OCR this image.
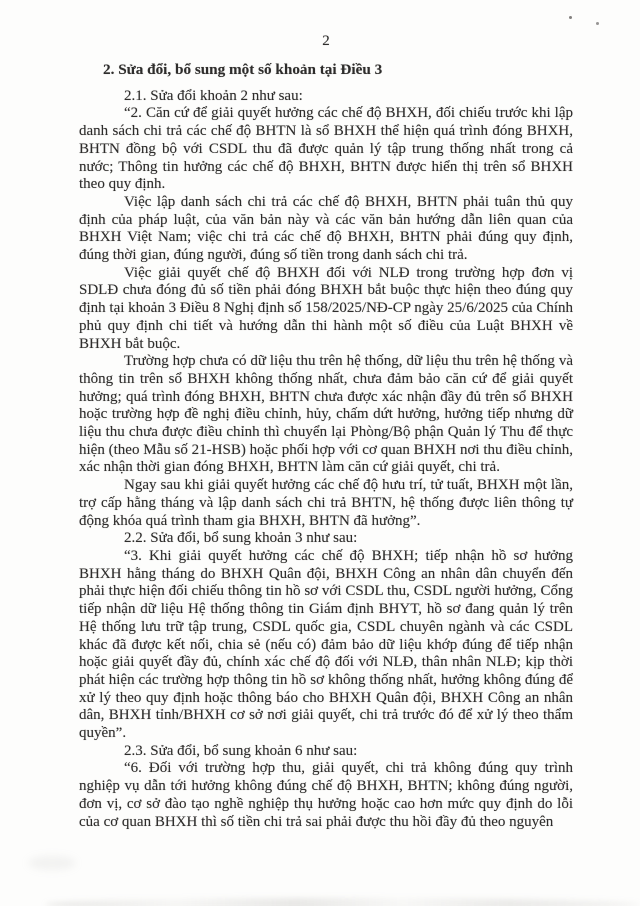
2

2. Sửa đổi, bổ sung một số khoản tại Điều 3

2.1. Sửa đổi khoản 2 như sau:

“2. Căn cứ để giải quyết hưởng các chế độ BHXH, đối chiếu trước khi lập danh sách chi trả các chế độ BHTN là sổ BHXH thể hiện quá trình đóng BHXH, BHTN đồng bộ với CSDL thu đã được quản lý tập trung thống nhất trong cả nước; Thông tin hưởng các chế độ BHXH, BHTN được hiển thị trên sổ BHXH theo quy định.

Việc lập danh sách chi trả các chế độ BHXH, BHTN phải tuân thủ quy định của pháp luật, của văn bản này và các văn bản hướng dẫn liên quan của BHXH Việt Nam; việc chi trả các chế độ BHXH, BHTN phải đúng quy định, đúng thời gian, đúng người, đúng số tiền trong danh sách chi trả.

Việc giải quyết chế độ BHXH đối với NLĐ trong trường hợp đơn vị SDLĐ chưa đóng đủ số tiền phải đóng BHXH bắt buộc thực hiện theo đúng quy định tại khoản 3 Điều 8 Nghị định số 158/2025/NĐ-CP ngày 25/6/2025 của Chính phủ quy định chi tiết và hướng dẫn thi hành một số điều của Luật BHXH về BHXH bắt buộc.

Trường hợp chưa có dữ liệu thu trên hệ thống, dữ liệu thu trên hệ thống và thông tin trên sổ BHXH không thống nhất, chưa đảm bảo căn cứ để giải quyết hưởng; quá trình đóng BHXH, BHTN chưa được xác nhận đầy đủ trên sổ BHXH hoặc trường hợp đề nghị điều chỉnh, hủy, chấm dứt hưởng, hưởng tiếp nhưng dữ liệu thu chưa được điều chỉnh thì chuyển lại Phòng/Bộ phận Quản lý Thu để thực hiện (theo Mẫu số 21-HSB) hoặc phối hợp với cơ quan BHXH nơi thu điều chỉnh, xác nhận thời gian đóng BHXH, BHTN làm căn cứ giải quyết, chi trả.

Ngay sau khi giải quyết hưởng các chế độ hưu trí, tử tuất, BHXH một lần, trợ cấp hằng tháng và lập danh sách chi trả BHTN, hệ thống được liên thông tự động khóa quá trình tham gia BHXH, BHTN đã hưởng”.

2.2. Sửa đổi, bổ sung khoản 3 như sau:

“3. Khi giải quyết hưởng các chế độ BHXH; tiếp nhận hồ sơ hưởng BHXH hằng tháng do BHXH Quân đội, BHXH Công an nhân dân chuyển đến phải thực hiện đối chiếu thông tin hồ sơ với CSDL thu, CSDL người hưởng, Cổng tiếp nhận dữ liệu Hệ thống thông tin Giám định BHYT, hồ sơ đang quản lý trên Hệ thống lưu trữ tập trung, CSDL quốc gia, CSDL chuyên ngành và các CSDL khác đã được kết nối, chia sẻ (nếu có) đảm bảo dữ liệu khớp đúng để tiếp nhận hoặc giải quyết đầy đủ, chính xác chế độ đối với NLĐ, thân nhân NLĐ; kịp thời phát hiện các trường hợp thông tin hồ sơ không thống nhất, hưởng không đúng để xử lý theo quy định hoặc thông báo cho BHXH Quân đội, BHXH Công an nhân dân, BHXH tỉnh/BHXH cơ sở nơi giải quyết, chi trả trước đó để xử lý theo thẩm quyền”.

2.3. Sửa đổi, bổ sung khoản 6 như sau:

“6. Đối với trường hợp thu, giải quyết, chi trả không đúng quy trình nghiệp vụ dẫn tới hưởng không đúng chế độ BHXH, BHTN; không đúng người, đơn vị, cơ sở đào tạo nghề nghiệp thụ hưởng hoặc cao hơn mức quy định do lỗi của cơ quan BHXH thì số tiền chi trả sai phải được thu hồi đầy đủ theo nguyên
